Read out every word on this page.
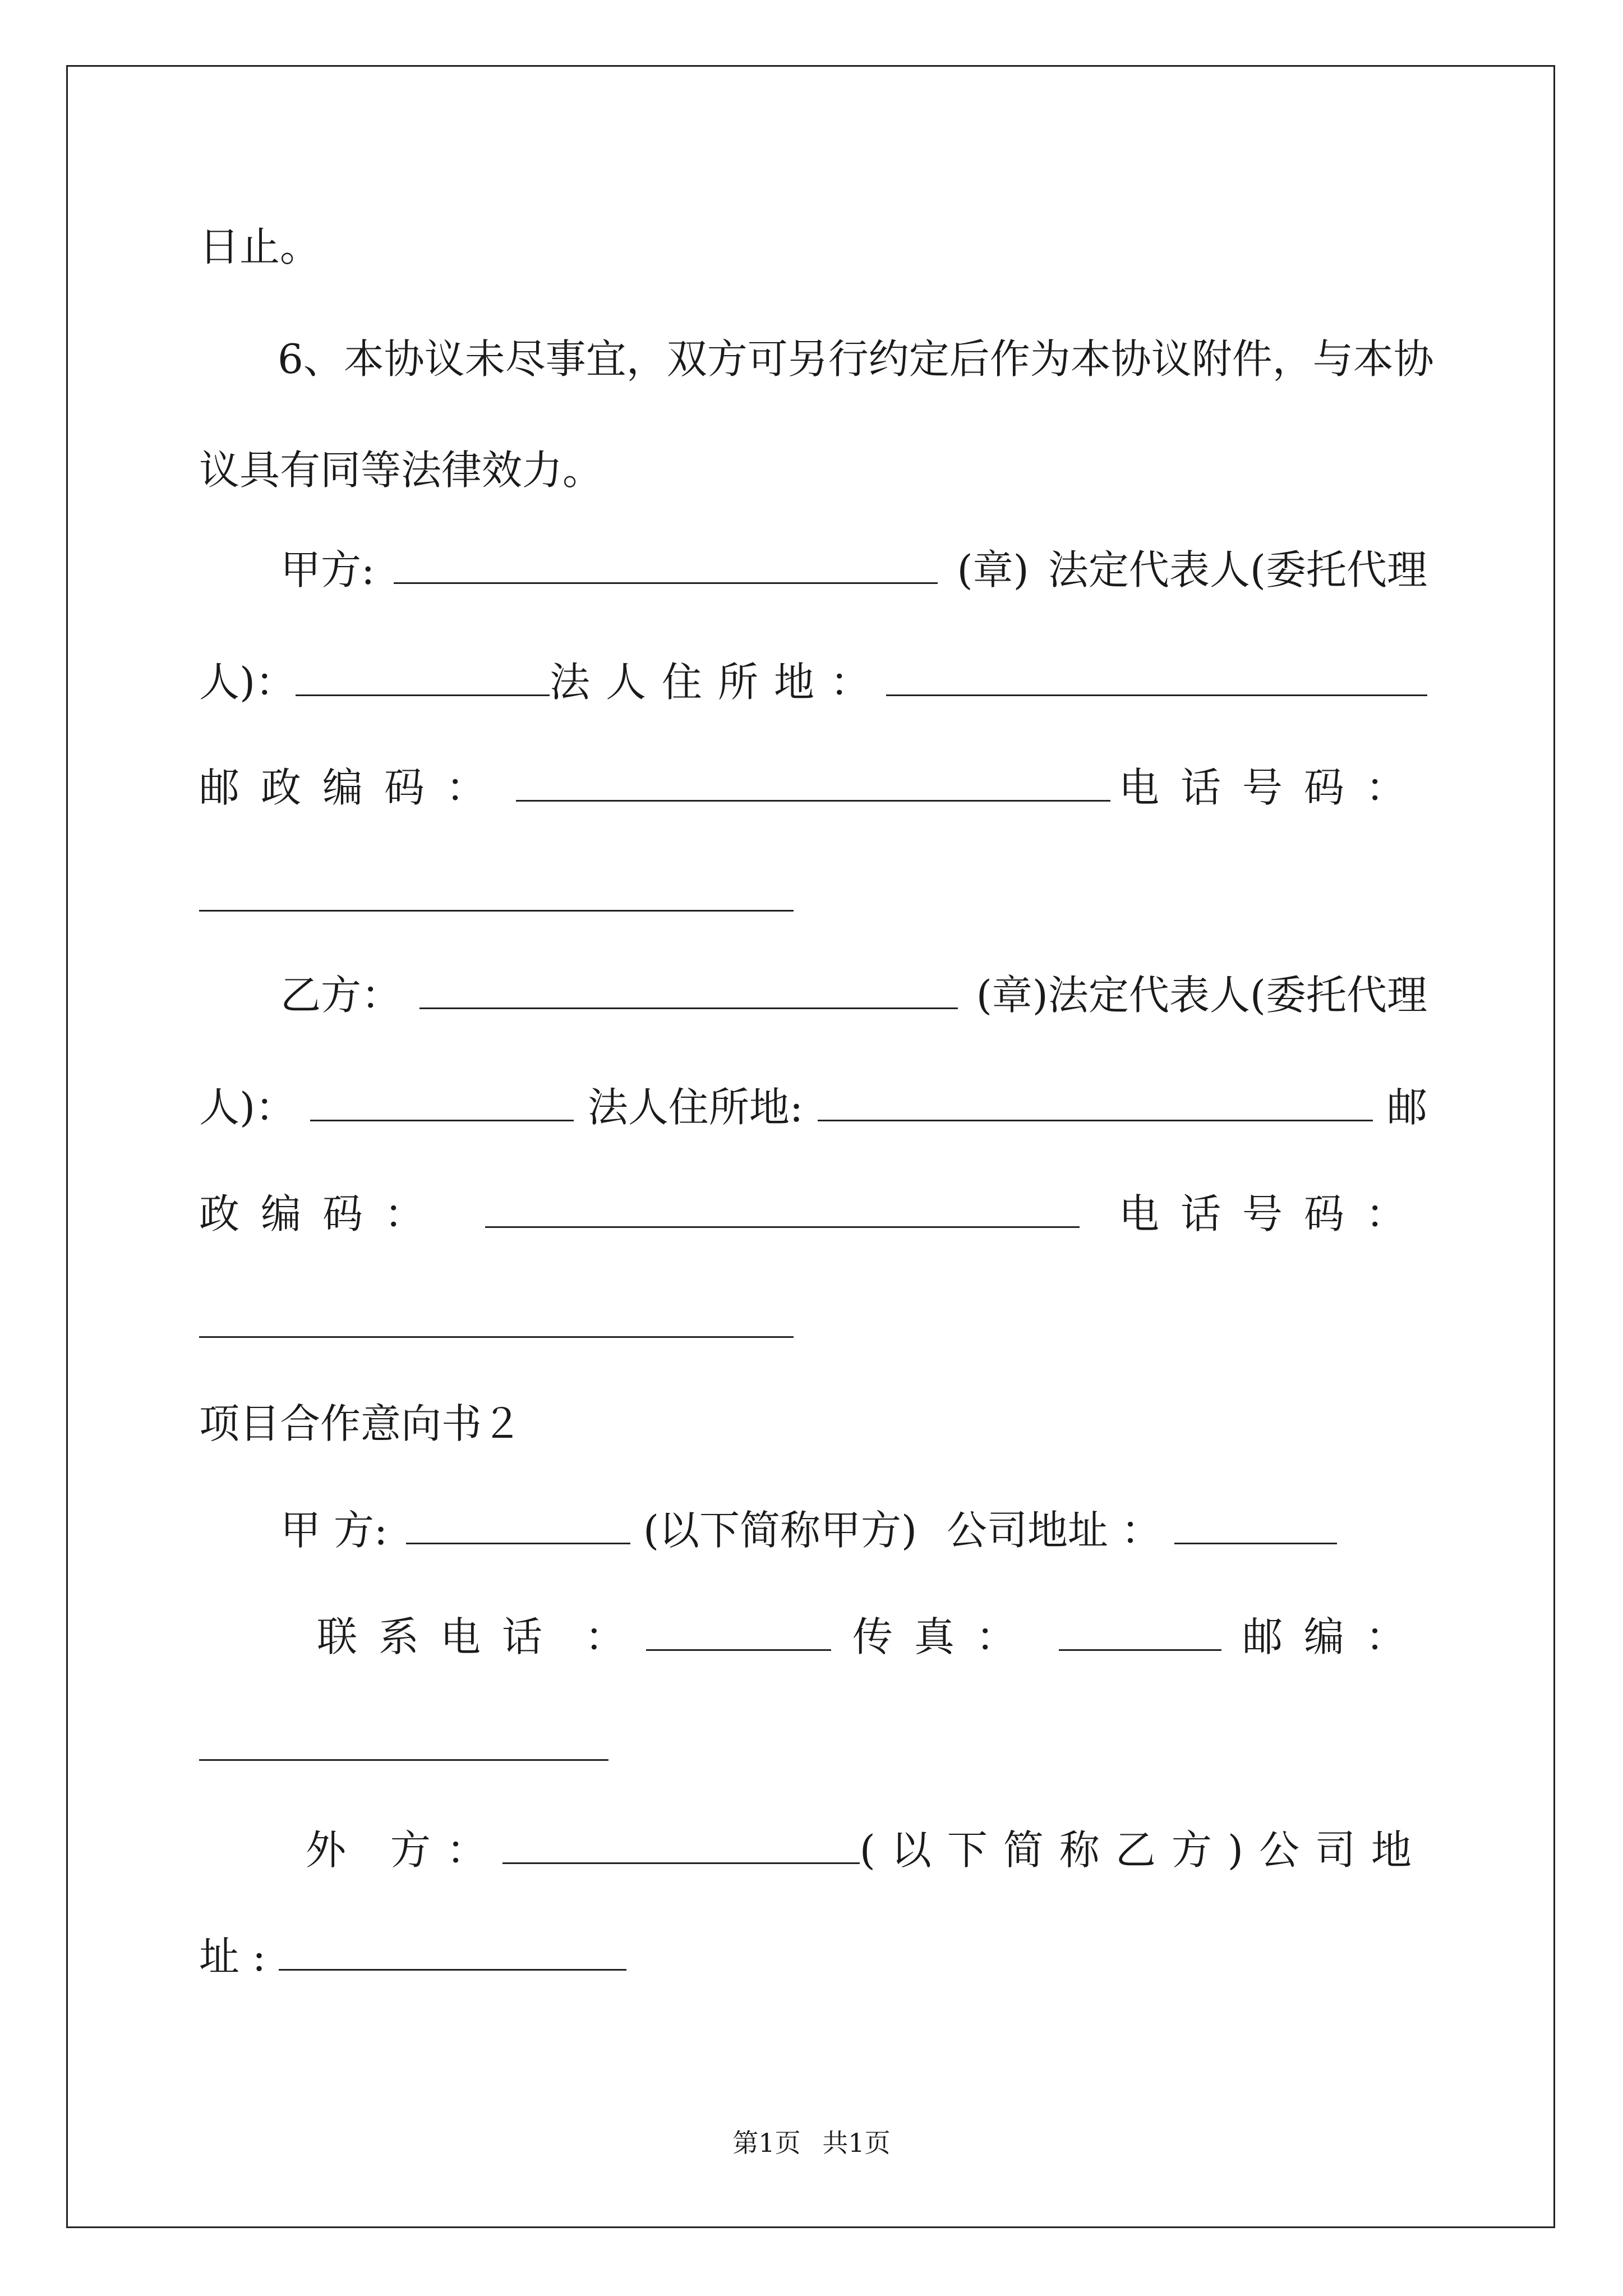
日止。
6、本协议未尽事宜，双方可另行约定后作为本协议附件，与本协
议具有同等法律效力。
甲方:	(章) 法定代表人(委托代理
人)：	法人住所地：
邮政编码：	电话号码：
乙方：	(章)法定代表人(委托代理
人)：	法人住所地:	邮
政编码：	电话号码：
项目合作意向书２
甲 方:	(以下简称甲方) 公司地址 ：
联系电话 ：	传真：	邮 编：
外 方：	(以下简称乙方) 公司地
址 :
第1页 共1页
